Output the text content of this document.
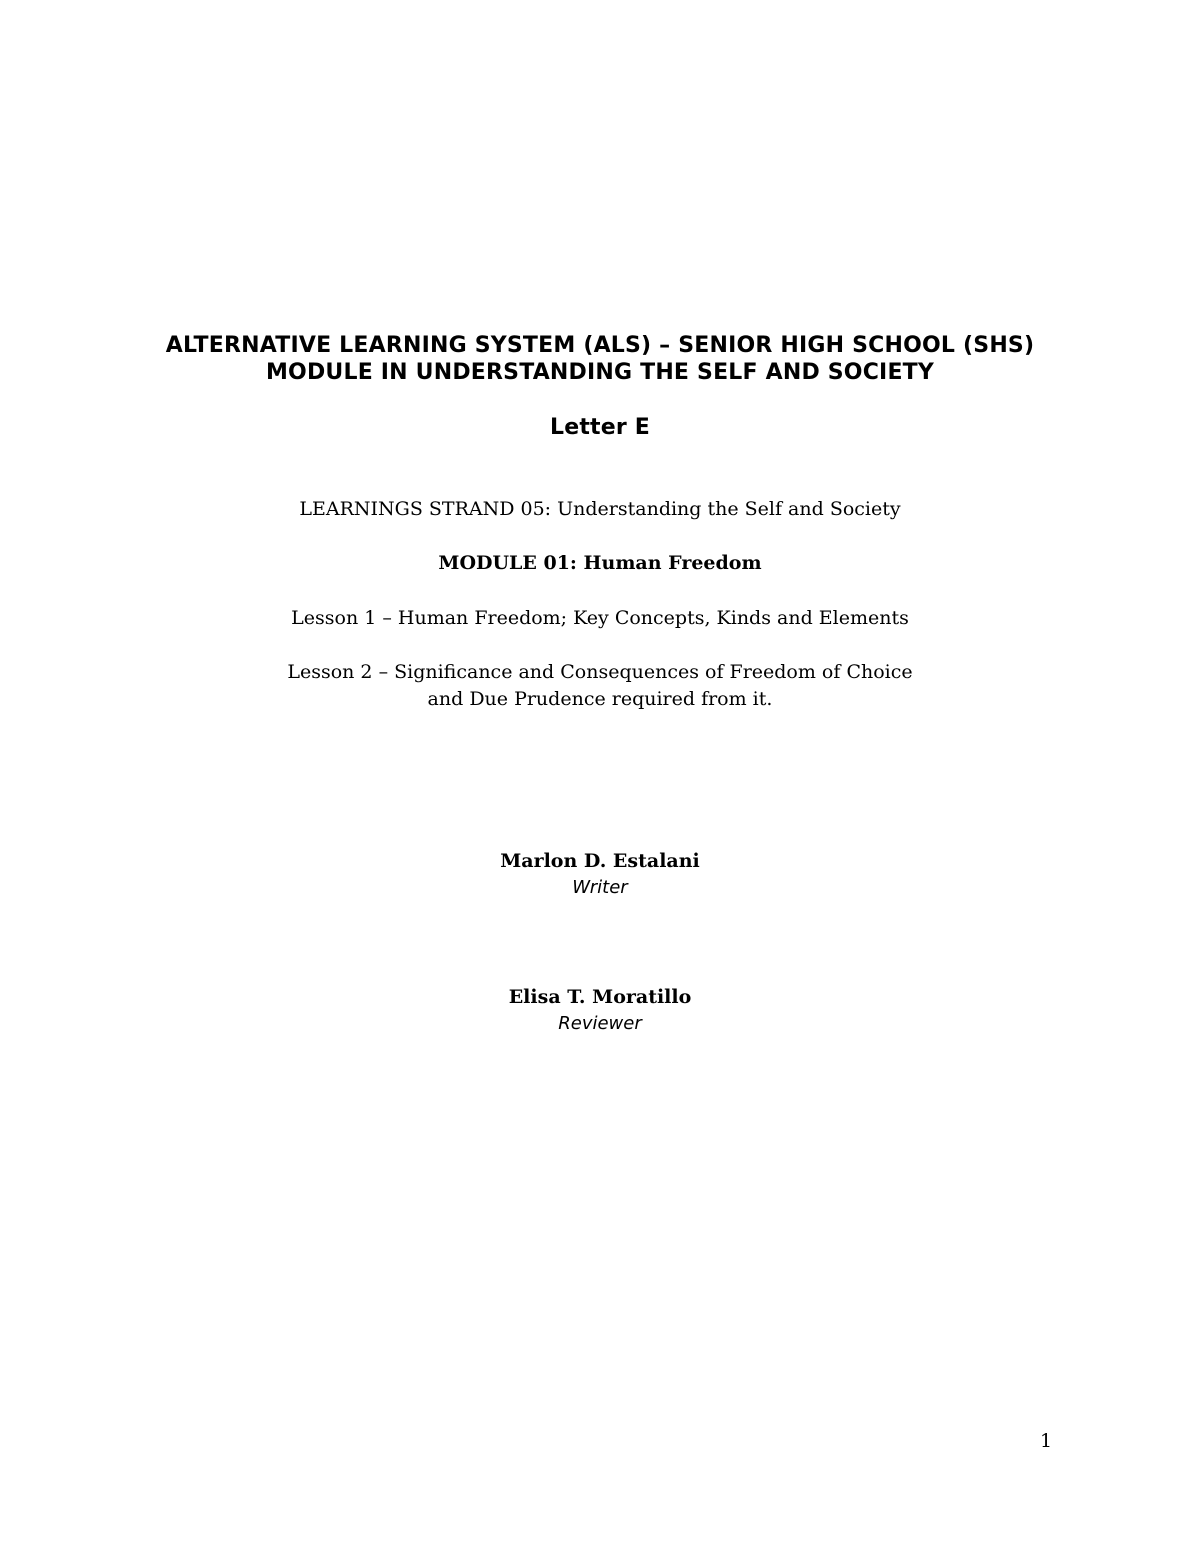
ALTERNATIVE LEARNING SYSTEM (ALS) – SENIOR HIGH SCHOOL (SHS)
MODULE IN UNDERSTANDING THE SELF AND SOCIETY
Letter E
LEARNINGS STRAND 05: Understanding the Self and Society
MODULE 01: Human Freedom
Lesson 1 – Human Freedom; Key Concepts, Kinds and Elements
Lesson 2 – Significance and Consequences of Freedom of Choice
and Due Prudence required from it.
Marlon D. Estalani
Writer
Elisa T. Moratillo
Reviewer
1
